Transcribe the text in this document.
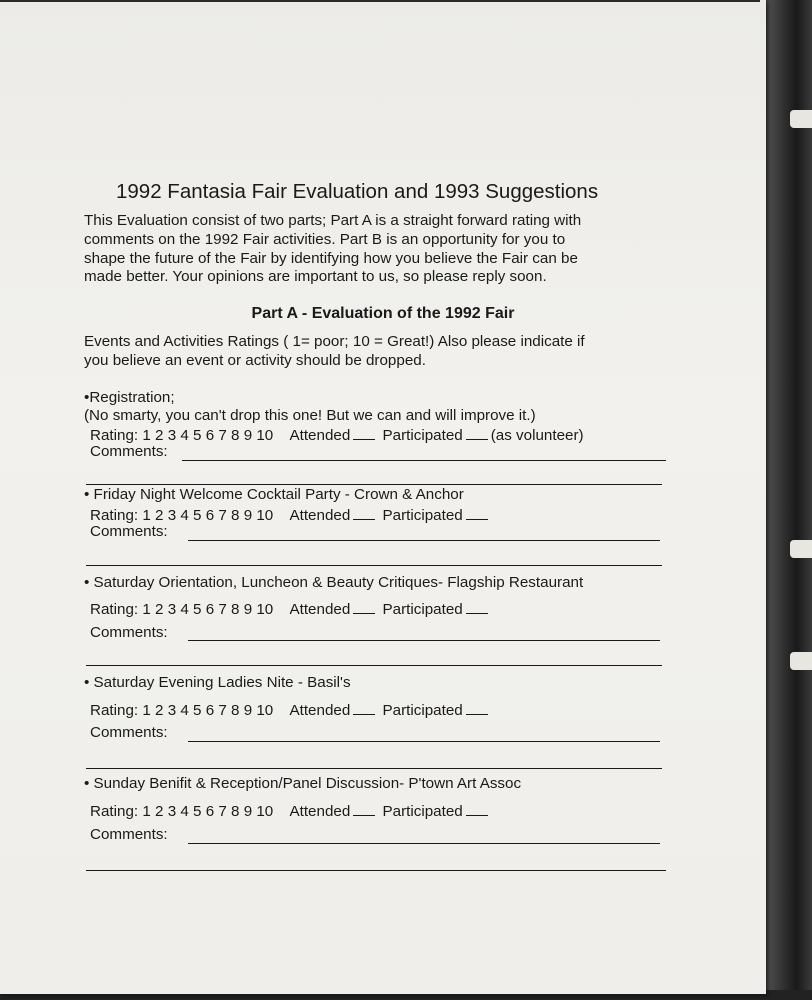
1992 Fantasia Fair Evaluation and 1993 Suggestions
This Evaluation consist of two parts; Part A is a straight forward rating with
comments on the 1992 Fair activities. Part B is an opportunity for you to
shape the future of the Fair by identifying how you believe the Fair can be
made better. Your opinions are important to us, so please reply soon.
Part A - Evaluation of the 1992 Fair
Events and Activities Ratings ( 1= poor; 10 = Great!) Also please indicate if
you believe an event or activity should be dropped.
•Registration;
(No smarty, you can't drop this one! But we can and will improve it.)
Rating: 1 2 3 4 5 6 7 8 9 10 Attended Participated (as volunteer)
Comments:
• Friday Night Welcome Cocktail Party - Crown & Anchor
Rating: 1 2 3 4 5 6 7 8 9 10 Attended Participated
Comments:
• Saturday Orientation, Luncheon & Beauty Critiques- Flagship Restaurant
Rating: 1 2 3 4 5 6 7 8 9 10 Attended Participated
Comments:
• Saturday Evening Ladies Nite - Basil's
Rating: 1 2 3 4 5 6 7 8 9 10 Attended Participated
Comments:
• Sunday Benifit & Reception/Panel Discussion- P'town Art Assoc
Rating: 1 2 3 4 5 6 7 8 9 10 Attended Participated
Comments:
